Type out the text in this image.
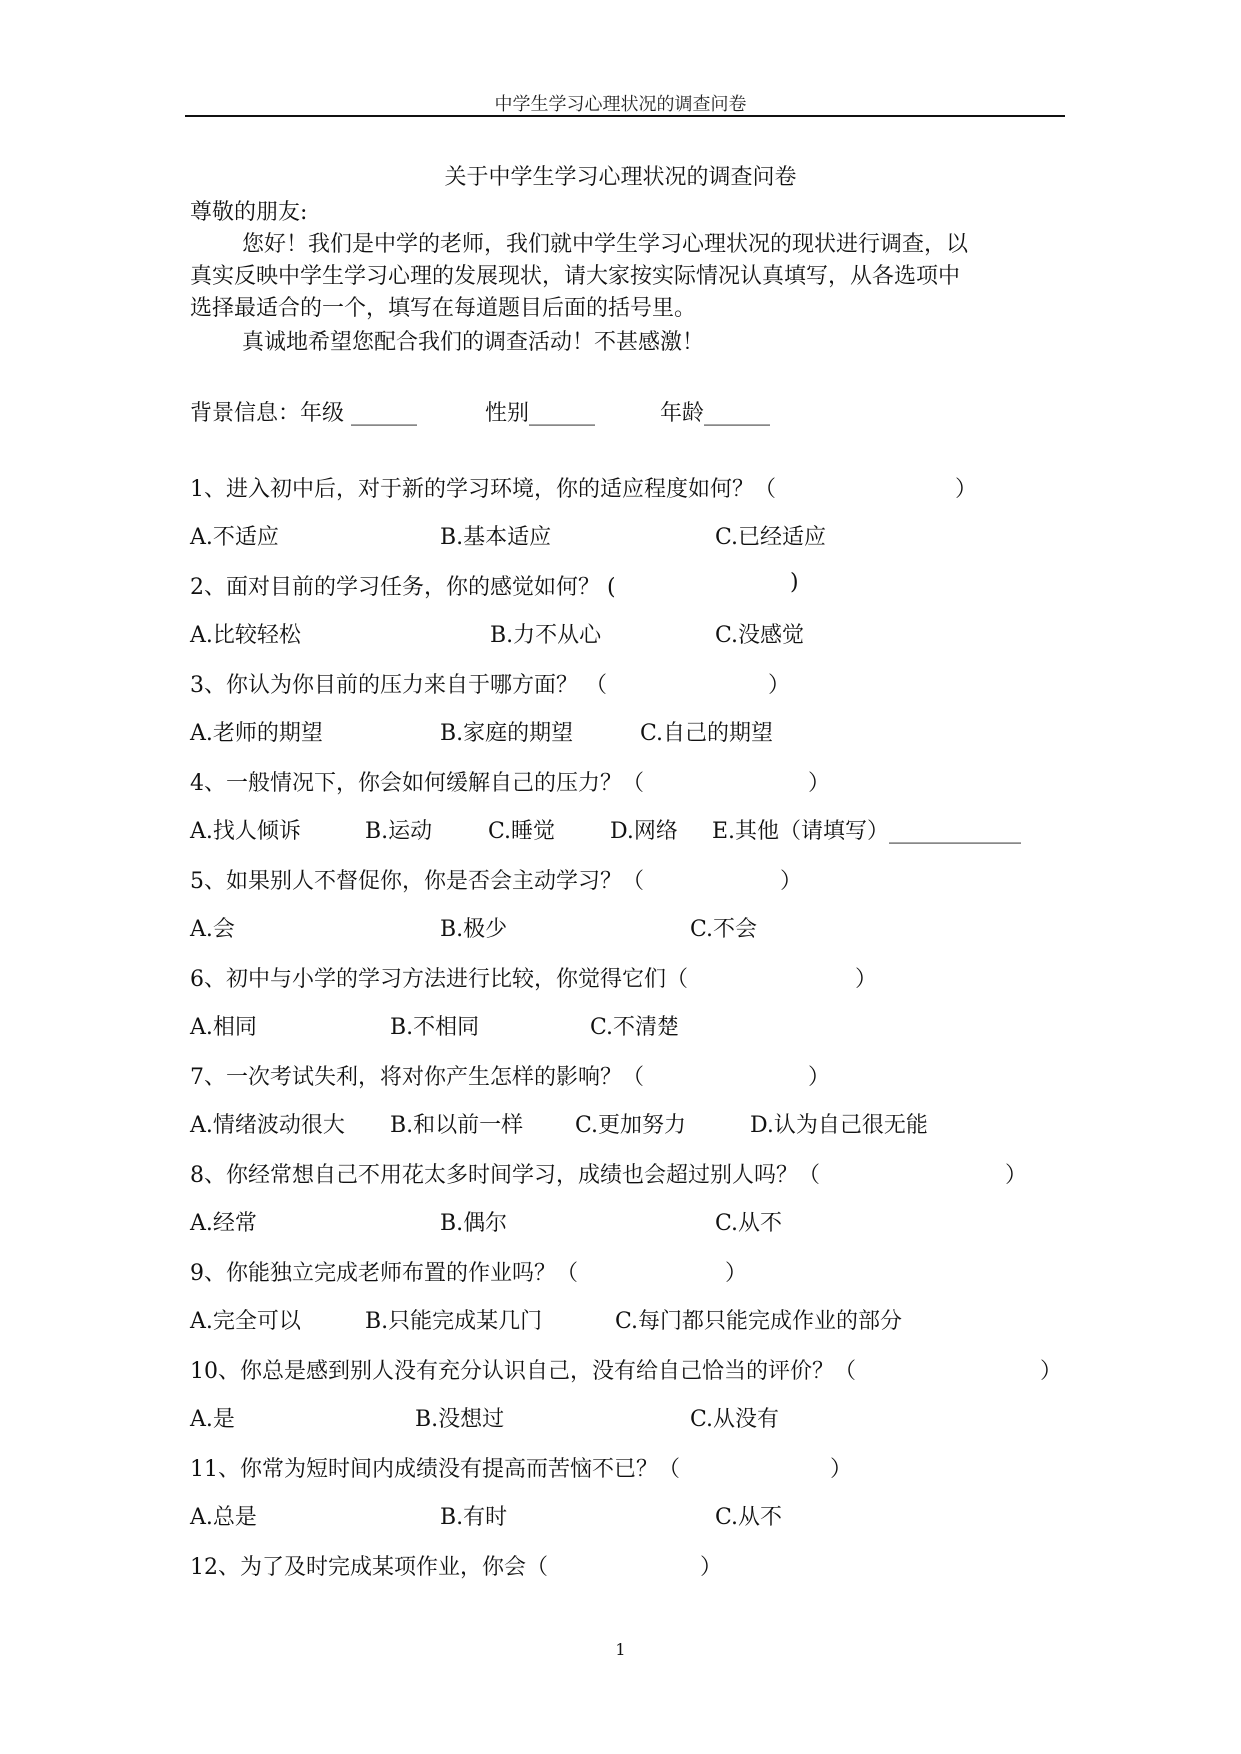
中学生学习心理状况的调查问卷
关于中学生学习心理状况的调查问卷
尊敬的朋友:
您好！我们是中学的老师，我们就中学生学习心理状况的现状进行调查，以
真实反映中学生学习心理的发展现状，请大家按实际情况认真填写，从各选项中
选择最适合的一个，填写在每道题目后面的括号里。
真诚地希望您配合我们的调查活动！不甚感激！
背景信息：年级 ______	性别______	年龄______
1、进入初中后，对于新的学习环境，你的适应程度如何？（	）
A.不适应	B.基本适应	C.已经适应
2、面对目前的学习任务，你的感觉如何？ (	)
A.比较轻松	B.力不从心	C.没感觉
3、你认为你目前的压力来自于哪方面？ （	）
A.老师的期望	B.家庭的期望	C.自己的期望
4、一般情况下，你会如何缓解自己的压力？（	）
A.找人倾诉	B.运动	C.睡觉 D.网络 E.其他（请填写）____________
5、如果别人不督促你，你是否会主动学习？（	）
A.会	B.极少	C.不会
6、初中与小学的学习方法进行比较，你觉得它们（	）
A.相同	B.不相同	C.不清楚
7、一次考试失利，将对你产生怎样的影响？（	）
A.情绪波动很大 B.和以前一样 C.更加努力	D.认为自己很无能
8、你经常想自己不用花太多时间学习，成绩也会超过别人吗？（	）
A.经常	B.偶尔	C.从不
9、你能独立完成老师布置的作业吗？（	）
A.完全可以	B.只能完成某几门	C.每门都只能完成作业的部分
10、你总是感到别人没有充分认识自己，没有给自己恰当的评价？（	）
A.是	B.没想过	C.从没有
11、你常为短时间内成绩没有提高而苦恼不已？（	）
A.总是	B.有时	C.从不
12、为了及时完成某项作业，你会（	）
1
